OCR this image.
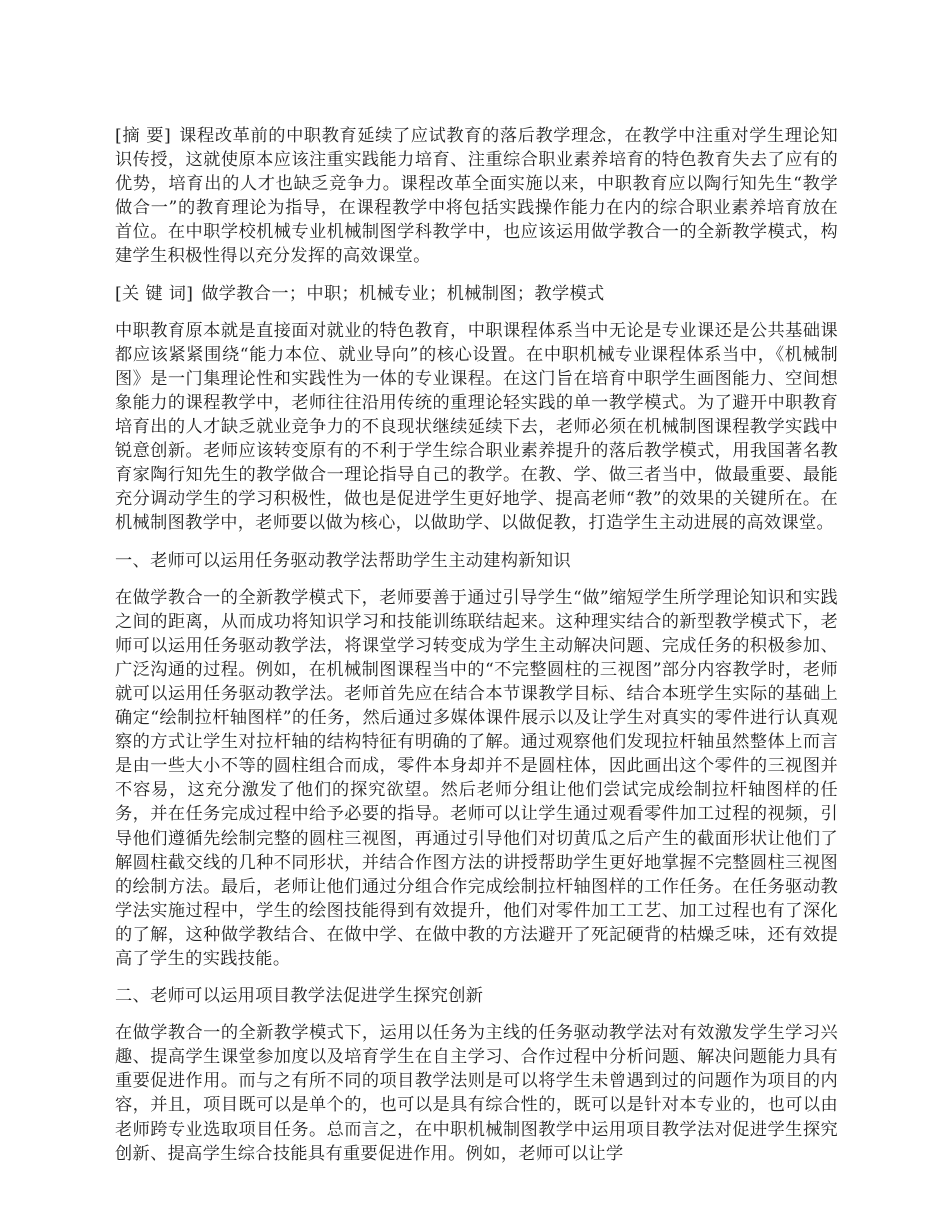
[摘 要] 课程改革前的中职教育延续了应试教育的落后教学理念，在教学中注重对学生理论知识传授，这就使原本应该注重实践能力培育、注重综合职业素养培育的特色教育失去了应有的优势，培育出的人才也缺乏竞争力。课程改革全面实施以来，中职教育应以陶行知先生“教学做合一”的教育理论为指导，在课程教学中将包括实践操作能力在内的综合职业素养培育放在首位。在中职学校机械专业机械制图学科教学中，也应该运用做学教合一的全新教学模式，构建学生积极性得以充分发挥的高效课堂。

[关 键 词] 做学教合一；中职；机械专业；机械制图；教学模式

中职教育原本就是直接面对就业的特色教育，中职课程体系当中无论是专业课还是公共基础课都应该紧紧围绕“能力本位、就业导向”的核心设置。在中职机械专业课程体系当中，《机械制图》是一门集理论性和实践性为一体的专业课程。在这门旨在培育中职学生画图能力、空间想象能力的课程教学中，老师往往沿用传统的重理论轻实践的单一教学模式。为了避开中职教育培育出的人才缺乏就业竞争力的不良现状继续延续下去，老师必须在机械制图课程教学实践中锐意创新。老师应该转变原有的不利于学生综合职业素养提升的落后教学模式，用我国著名教育家陶行知先生的教学做合一理论指导自己的教学。在教、学、做三者当中，做最重要、最能充分调动学生的学习积极性，做也是促进学生更好地学、提高老师“教”的效果的关键所在。在机械制图教学中，老师要以做为核心，以做助学、以做促教，打造学生主动进展的高效课堂。

一、老师可以运用任务驱动教学法帮助学生主动建构新知识

在做学教合一的全新教学模式下，老师要善于通过引导学生“做”缩短学生所学理论知识和实践之间的距离，从而成功将知识学习和技能训练联结起来。这种理实结合的新型教学模式下，老师可以运用任务驱动教学法，将课堂学习转变成为学生主动解决问题、完成任务的积极参加、广泛沟通的过程。例如，在机械制图课程当中的“不完整圆柱的三视图”部分内容教学时，老师就可以运用任务驱动教学法。老师首先应在结合本节课教学目标、结合本班学生实际的基础上确定“绘制拉杆轴图样”的任务，然后通过多媒体课件展示以及让学生对真实的零件进行认真观察的方式让学生对拉杆轴的结构特征有明确的了解。通过观察他们发现拉杆轴虽然整体上而言是由一些大小不等的圆柱组合而成，零件本身却并不是圆柱体，因此画出这个零件的三视图并不容易，这充分激发了他们的探究欲望。然后老师分组让他们尝试完成绘制拉杆轴图样的任务，并在任务完成过程中给予必要的指导。老师可以让学生通过观看零件加工过程的视频，引导他们遵循先绘制完整的圆柱三视图，再通过引导他们对切黄瓜之后产生的截面形状让他们了解圆柱截交线的几种不同形状，并结合作图方法的讲授帮助学生更好地掌握不完整圆柱三视图的绘制方法。最后，老师让他们通过分组合作完成绘制拉杆轴图样的工作任务。在任务驱动教学法实施过程中，学生的绘图技能得到有效提升，他们对零件加工工艺、加工过程也有了深化的了解，这种做学教结合、在做中学、在做中教的方法避开了死記硬背的枯燥乏味，还有效提高了学生的实践技能。

二、老师可以运用项目教学法促进学生探究创新

在做学教合一的全新教学模式下，运用以任务为主线的任务驱动教学法对有效激发学生学习兴趣、提高学生课堂参加度以及培育学生在自主学习、合作过程中分析问题、解决问题能力具有重要促进作用。而与之有所不同的项目教学法则是可以将学生未曾遇到过的问题作为项目的内容，并且，项目既可以是单个的，也可以是具有综合性的，既可以是针对本专业的，也可以由老师跨专业选取项目任务。总而言之，在中职机械制图教学中运用项目教学法对促进学生探究创新、提高学生综合技能具有重要促进作用。例如，老师可以让学
